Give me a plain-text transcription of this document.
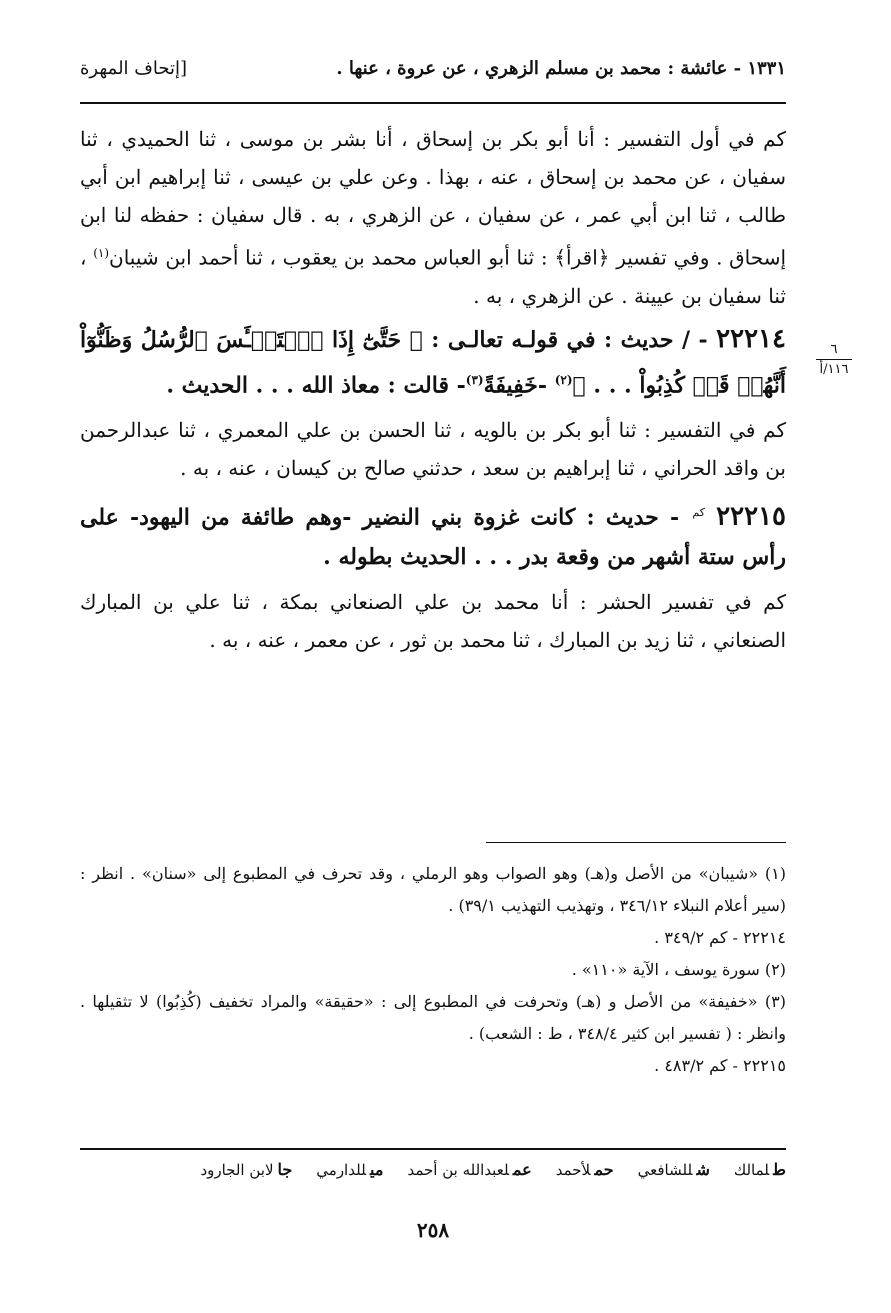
١٣٣١ - عائشة : محمد بن مسلم الزهري ، عن عروة ، عنها .
[إتحاف المهرة
٦
١١٦/أ

كم في أول التفسير : أنا أبو بكر بن إسحاق ، أنا بشر بن موسى ، ثنا الحميدي ، ثنا سفيان ، عن محمد بن إسحاق ، عنه ، بهذا . وعن علي بن عيسى ، ثنا إبراهيم ابن أبي طالب ، ثنا ابن أبي عمر ، عن سفيان ، عن الزهري ، به . قال سفيان : حفظه لنا ابن إسحاق . وفي تفسير ﴿اقرأ﴾ : ثنا أبو العباس محمد بن يعقوب ، ثنا أحمد ابن شيبان$^{(١)}$ ، ثنا سفيان بن عيينة . عن الزهري ، به .

٢٢٢١٤ - / حديث : في قولـه تعالـى : ﴿ حَتَّىٰٓ إِذَا ٱسۡتَيۡـَٔسَ ٱلرُّسُلُ وَظَنُّوٓاْ أَنَّهُمۡ قَدۡ كُذِبُواْ . . . ﴾$^{(٢)}$ -خَفِيفَةً$^{(٣)}$- قالت : معاذ الله . . . الحديث .

كم في التفسير : ثنا أبو بكر بن بالويه ، ثنا الحسن بن علي المعمري ، ثنا عبدالرحمن بن واقد الحراني ، ثنا إبراهيم بن سعد ، حدثني صالح بن كيسان ، عنه ، به .

٢٢٢١٥ $^{كم}$ - حديث : كانت غزوة بني النضير -وهم طائفة من اليهود- على رأس ستة أشهر من وقعة بدر . . . الحديث بطوله .

كم في تفسير الحشر : أنا محمد بن علي الصنعاني بمكة ، ثنا علي بن المبارك الصنعاني ، ثنا زيد بن المبارك ، ثنا محمد بن ثور ، عن معمر ، عنه ، به .

(١) «شيبان» من الأصل و(هـ) وهو الصواب وهو الرملي ، وقد تحرف في المطبوع إلى «سنان» . انظر : (سير أعلام النبلاء ٣٤٦/١٢ ، وتهذيب التهذيب ٣٩/١) .

٢٢٢١٤ - كم ٣٤٩/٢ .

(٢) سورة يوسف ، الآية «١١٠» .

(٣) «خفيفة» من الأصل و (هـ) وتحرفت في المطبوع إلى : «حقيقة» والمراد تخفيف (كُذِبُوا) لا تثقيلها . وانظر : ( تفسير ابن كثير ٣٤٨/٤ ، ط : الشعب) .

٢٢٢١٥ - كم ٤٨٣/٢ .

طلمالك
شللشافعي
حملأحمد
عملعبدالله بن أحمد
ميللدارمي
جالابن الجارود
٢٥٨
